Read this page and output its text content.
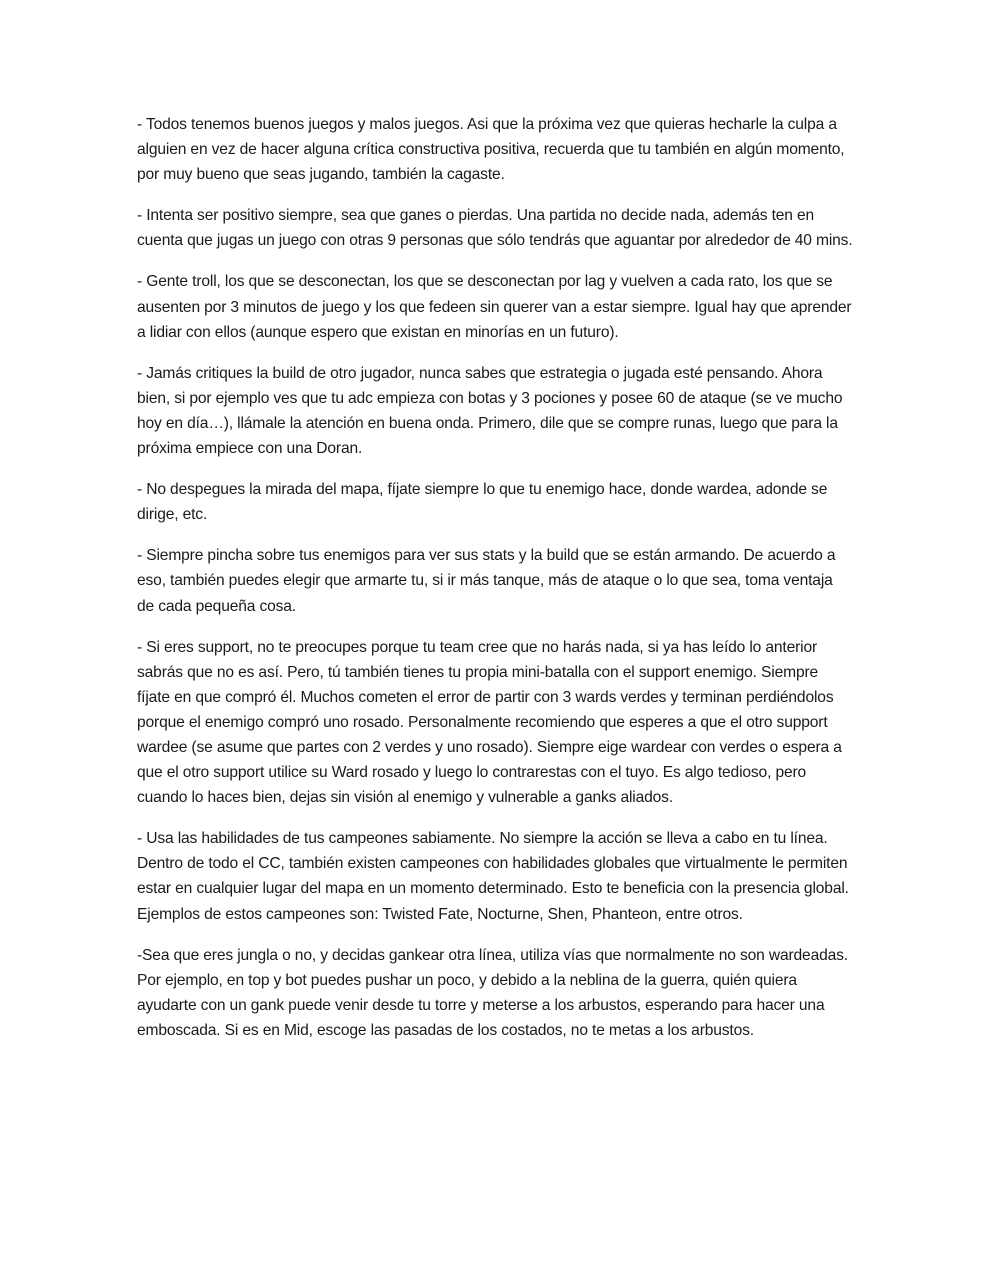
- Todos tenemos buenos juegos y malos juegos. Asi que la próxima vez que quieras hecharle la culpa a alguien en vez de hacer alguna crítica constructiva positiva, recuerda que tu también en algún momento, por muy bueno que seas jugando, también la cagaste.

- Intenta ser positivo siempre, sea que ganes o pierdas. Una partida no decide nada, además ten en cuenta que jugas un juego con otras 9 personas que sólo tendrás que aguantar por alrededor de 40 mins.

- Gente troll, los que se desconectan, los que se desconectan por lag y vuelven a cada rato, los que se ausenten por 3 minutos de juego y los que fedeen sin querer van a estar siempre. Igual hay que aprender a lidiar con ellos (aunque espero que existan en minorías en un futuro).

- Jamás critiques la build de otro jugador, nunca sabes que estrategia o jugada esté pensando. Ahora bien, si por ejemplo ves que tu adc empieza con botas y 3 pociones y posee 60 de ataque (se ve mucho hoy en día…), llámale la atención en buena onda. Primero, dile que se compre runas, luego que para la próxima empiece con una Doran.

- No despegues la mirada del mapa, fíjate siempre lo que tu enemigo hace, donde wardea, adonde se dirige, etc.

- Siempre pincha sobre tus enemigos para ver sus stats y la build que se están armando. De acuerdo a eso, también puedes elegir que armarte tu, si ir más tanque, más de ataque o lo que sea, toma ventaja de cada pequeña cosa.

- Si eres support, no te preocupes porque tu team cree que no harás nada, si ya has leído lo anterior sabrás que no es así. Pero, tú también tienes tu propia mini-batalla con el support enemigo. Siempre fíjate en que compró él. Muchos cometen el error de partir con 3 wards verdes y terminan perdiéndolos porque el enemigo compró uno rosado. Personalmente recomiendo que esperes a que el otro support wardee (se asume que partes con 2 verdes y uno rosado). Siempre eige wardear con verdes o espera a que el otro support utilice su Ward rosado y luego lo contrarestas con el tuyo. Es algo tedioso, pero cuando lo haces bien, dejas sin visión al enemigo y vulnerable a ganks aliados.

- Usa las habilidades de tus campeones sabiamente. No siempre la acción se lleva a cabo en tu línea. Dentro de todo el CC, también existen campeones con habilidades globales que virtualmente le permiten estar en cualquier lugar del mapa en un momento determinado. Esto te beneficia con la presencia global. Ejemplos de estos campeones son: Twisted Fate, Nocturne, Shen, Phanteon, entre otros.

-Sea que eres jungla o no, y decidas gankear otra línea, utiliza vías que normalmente no son wardeadas. Por ejemplo, en top y bot puedes pushar un poco, y debido a la neblina de la guerra, quién quiera ayudarte con un gank puede venir desde tu torre y meterse a los arbustos, esperando para hacer una emboscada. Si es en Mid, escoge las pasadas de los costados, no te metas a los arbustos.
